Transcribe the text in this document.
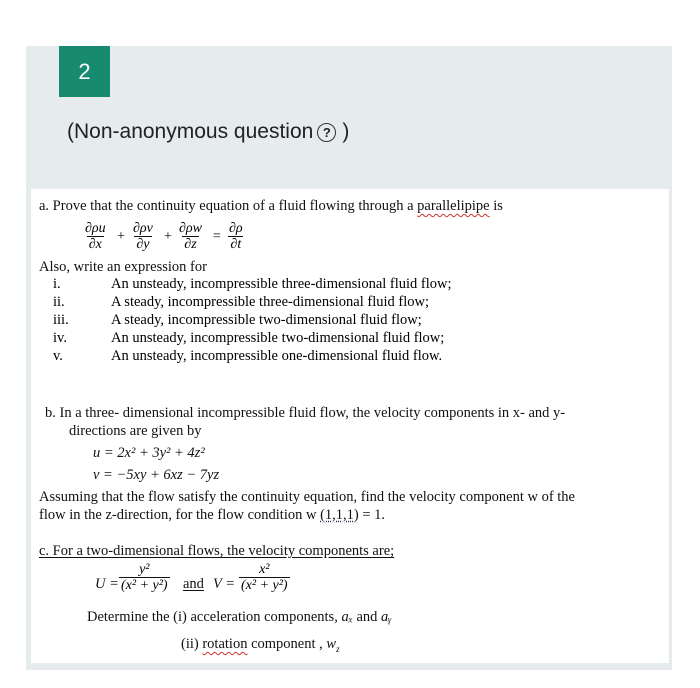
2
(Non-anonymous question ? )
a. Prove that the continuity equation of a fluid flowing through a parallelipipe is
$\frac{\partial\rho u}{\partial x} + \frac{\partial\rho v}{\partial y} + \frac{\partial\rho w}{\partial z} = \frac{\partial\rho}{\partial t}$
Also, write an expression for
i.	An unsteady, incompressible three-dimensional fluid flow;
ii.	A steady, incompressible three-dimensional fluid flow;
iii.	A steady, incompressible two-dimensional fluid flow;
iv.	An unsteady, incompressible two-dimensional fluid flow;
v.	An unsteady, incompressible one-dimensional fluid flow.
b. In a three- dimensional incompressible fluid flow, the velocity components in x- and y-
directions are given by
u = 2x² + 3y² + 4z²
v = −5xy + 6xz − 7yz
Assuming that the flow satisfy the continuity equation, find the velocity component w of the
flow in the z-direction, for the flow condition w (1,1,1) = 1.
c. For a two-dimensional flows, the velocity components are;
$U = \frac{\text{y²}}{\text{(x² + y²)}}$ and $V = \frac{\text{x²}}{\text{(x² + y²)}}$
Determine the (i) acceleration components, aₓ and aᵧ
(ii) rotation component , $w_z$
